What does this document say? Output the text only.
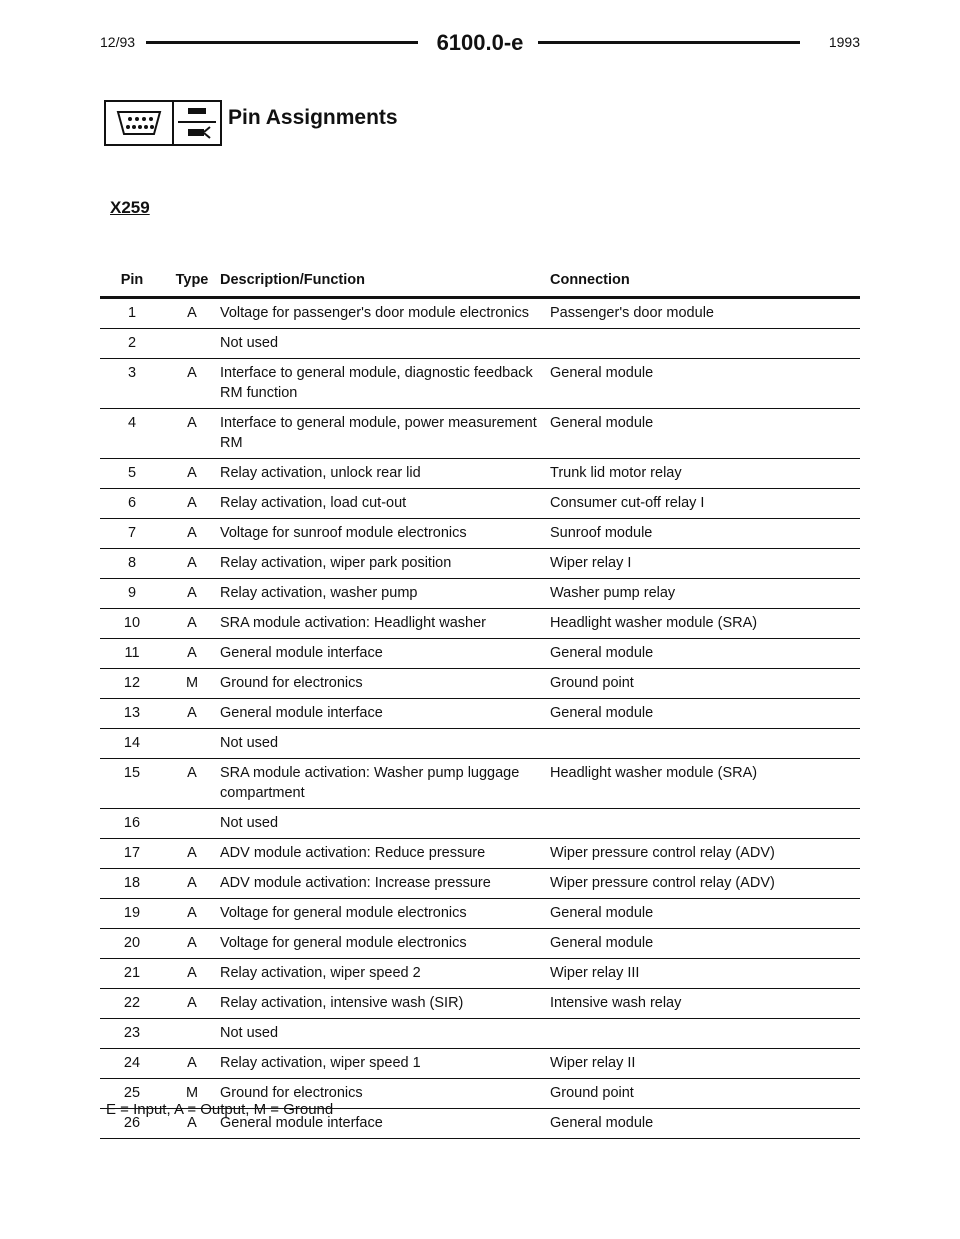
12/93	6100.0-e	1993
Pin Assignments
X259
Pin	Type	Description/Function	Connection
1	A	Voltage for passenger's door module electronics	Passenger's door module
2		Not used	
3	A	Interface to general module, diagnostic feedback RM function	General module
4	A	Interface to general module, power measurement RM	General module
5	A	Relay activation, unlock rear lid	Trunk lid motor relay
6	A	Relay activation, load cut-out	Consumer cut-off relay I
7	A	Voltage for sunroof module electronics	Sunroof module
8	A	Relay activation, wiper park position	Wiper relay I
9	A	Relay activation, washer pump	Washer pump relay
10	A	SRA module activation: Headlight washer	Headlight washer module (SRA)
11	A	General module interface	General module
12	M	Ground for electronics	Ground point
13	A	General module interface	General module
14		Not used	
15	A	SRA module activation: Washer pump luggage compartment	Headlight washer module (SRA)
16		Not used	
17	A	ADV module activation: Reduce pressure	Wiper pressure control relay (ADV)
18	A	ADV module activation: Increase pressure	Wiper pressure control relay (ADV)
19	A	Voltage for general module electronics	General module
20	A	Voltage for general module electronics	General module
21	A	Relay activation, wiper speed 2	Wiper relay III
22	A	Relay activation, intensive wash (SIR)	Intensive wash relay
23		Not used	
24	A	Relay activation, wiper speed 1	Wiper relay II
25	M	Ground for electronics	Ground point
26	A	General module interface	General module
E = Input, A = Output, M = Ground
